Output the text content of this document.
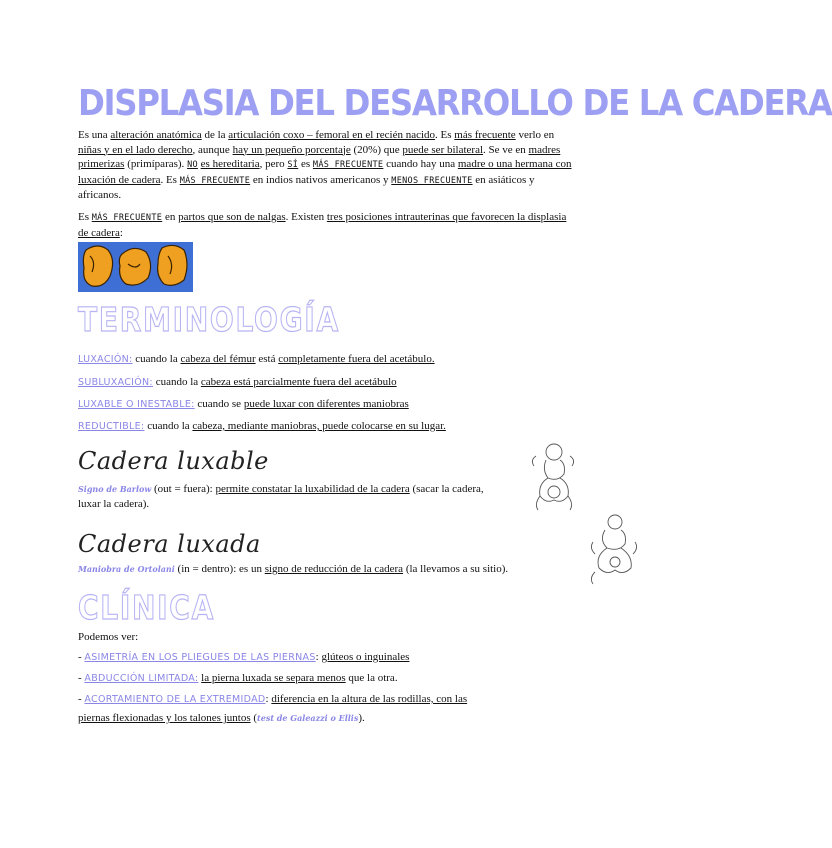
DISPLASIA DEL DESARROLLO DE LA CADERA
Es una alteración anatómica de la articulación coxo – femoral en el recién nacido. Es más frecuente verlo en niñas y en el lado derecho, aunque hay un pequeño porcentaje (20%) que puede ser bilateral. Se ve en madres primerizas (primíparas). NO es hereditaria, pero SÍ es MÁS FRECUENTE cuando hay una madre o una hermana con luxación de cadera. Es MÁS FRECUENTE en indios nativos americanos y MENOS FRECUENTE en asiáticos y africanos.
Es MÁS FRECUENTE en partos que son de nalgas. Existen tres posiciones intrauterinas que favorecen la displasia de cadera:
TERMINOLOGÍA
LUXACIÓN: cuando la cabeza del fémur está completamente fuera del acetábulo.
SUBLUXACIÓN: cuando la cabeza está parcialmente fuera del acetábulo
LUXABLE O INESTABLE: cuando se puede luxar con diferentes maniobras
REDUCTIBLE: cuando la cabeza, mediante maniobras, puede colocarse en su lugar.
Cadera luxable
Signo de Barlow (out = fuera): permite constatar la luxabilidad de la cadera (sacar la cadera,
luxar la cadera).
Cadera luxada
Maniobra de Ortolani (in = dentro): es un signo de reducción de la cadera (la llevamos a su sitio).
CLÍNICA
Podemos ver:
- ASIMETRÍA EN LOS PLIEGUES DE LAS PIERNAS: glúteos o inguinales
- ABDUCCIÓN LIMITADA: la pierna luxada se separa menos que la otra.
- ACORTAMIENTO DE LA EXTREMIDAD: diferencia en la altura de las rodillas, con las
piernas flexionadas y los talones juntos (test de Galeazzi o Ellis).
